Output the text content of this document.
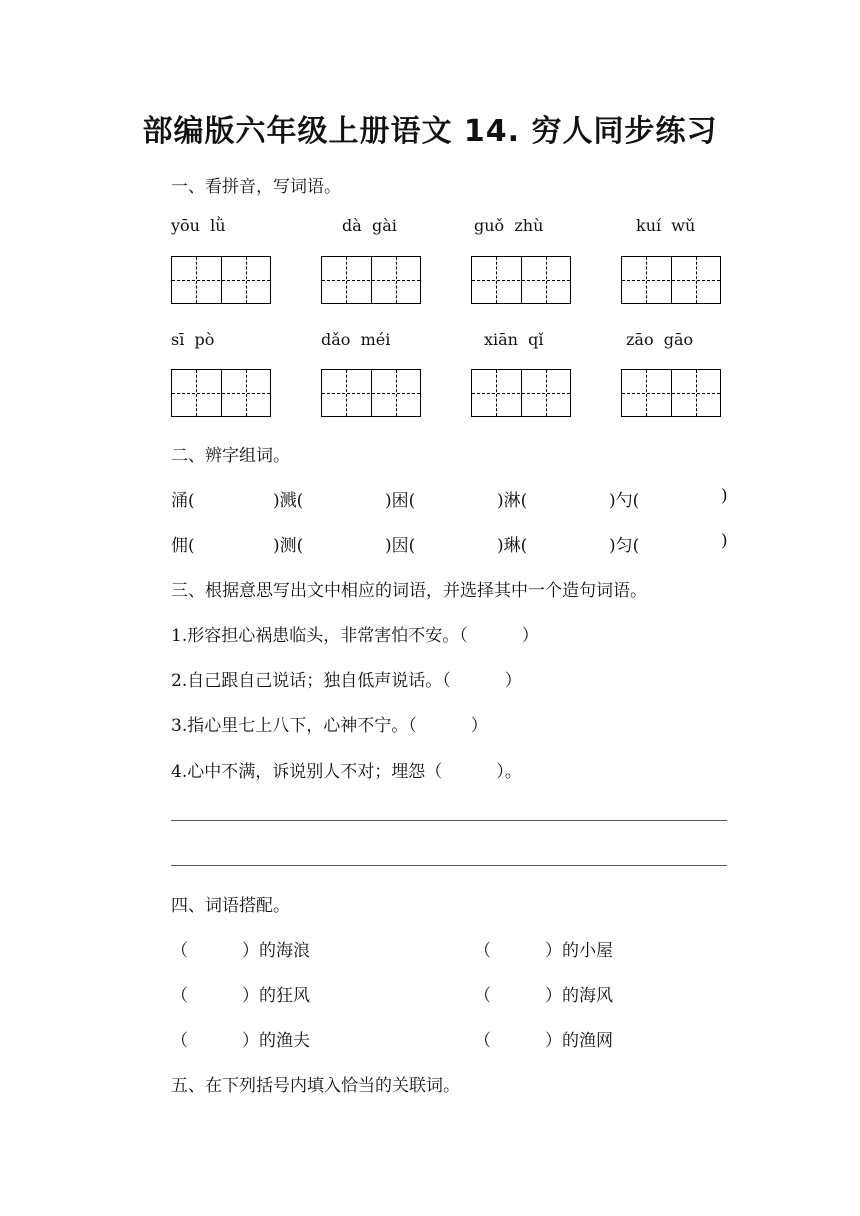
部编版六年级上册语文 14. 穷人同步练习
一、看拼音，写词语。
yōu  lǜ	dà  gài	guǒ  zhù	kuí  wǔ
sī  pò	dǎo  méi	xiān  qǐ	zāo  gāo
二、辨字组词。
涌(	)溅(	)困(	)淋(	)勺(	)
佣(	)测(	)因(	)琳(	)匀(	)
三、根据意思写出文中相应的词语，并选择其中一个造句词语。
1.形容担心祸患临头，非常害怕不安。（          ）
2.自己跟自己说话；独自低声说话。（          ）
3.指心里七上八下，心神不宁。（          ）
4.心中不满，诉说别人不对；埋怨（          ）。
四、词语搭配。
（          ）的海浪	（          ）的小屋
（          ）的狂风	（          ）的海风
（          ）的渔夫	（          ）的渔网
五、在下列括号内填入恰当的关联词。
